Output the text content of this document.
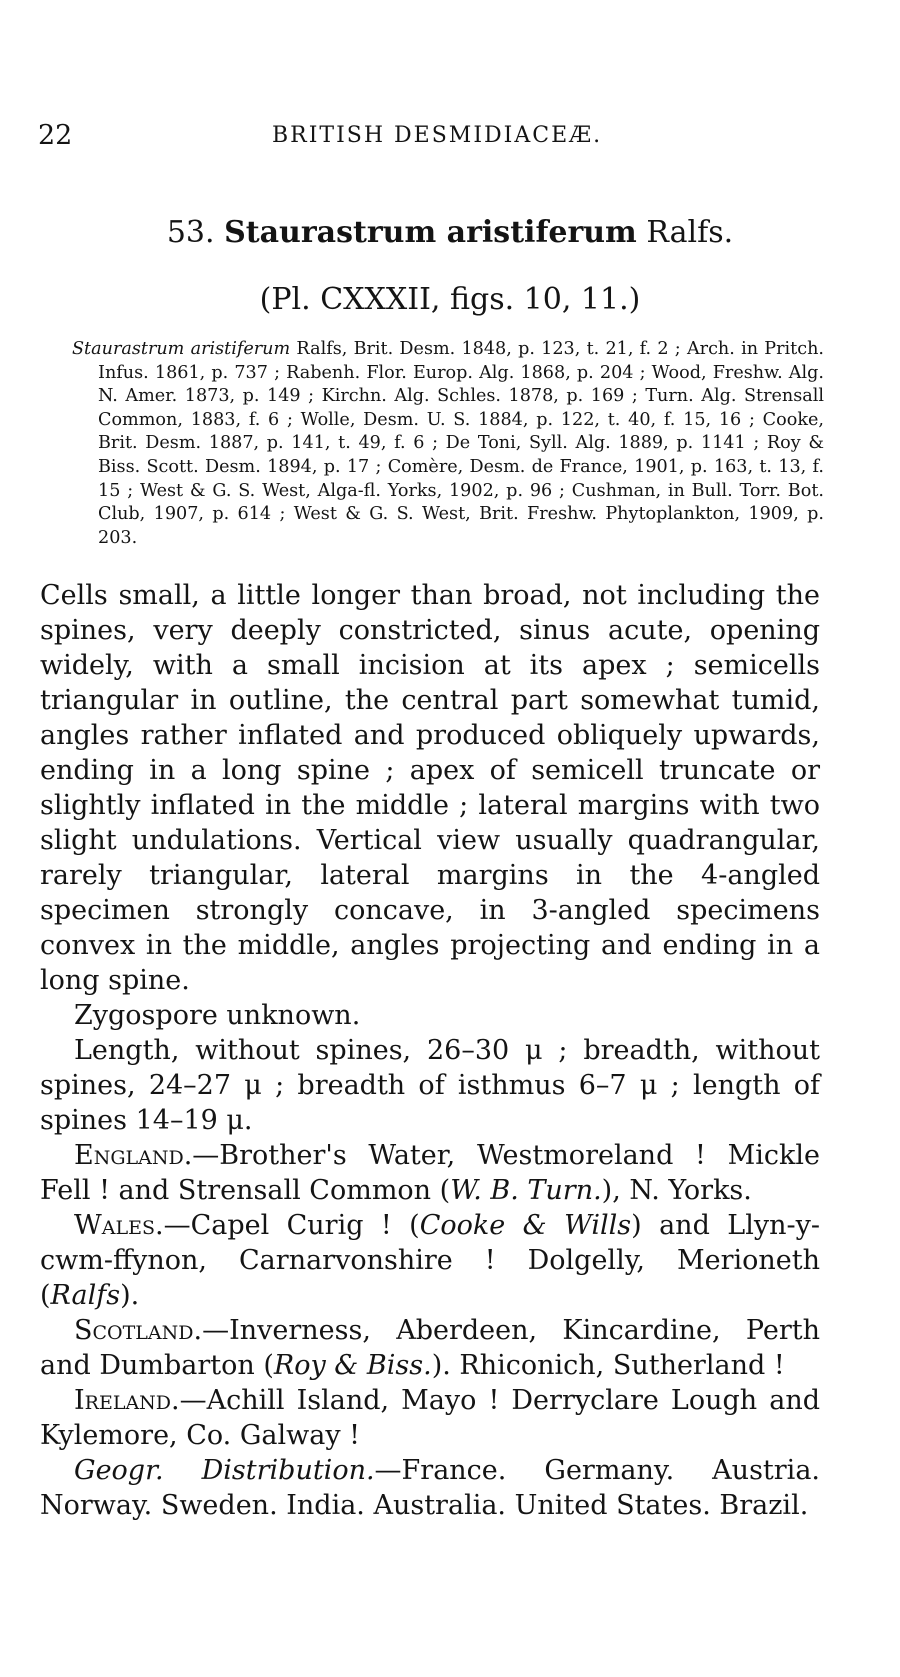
22	BRITISH DESMIDIACEÆ.
53. Staurastrum aristiferum Ralfs.
(Pl. CXXXII, figs. 10, 11.)
Staurastrum aristiferum Ralfs, Brit. Desm. 1848, p. 123, t. 21, f. 2 ; Arch. in Pritch. Infus. 1861, p. 737 ; Rabenh. Flor. Europ. Alg. 1868, p. 204 ; Wood, Freshw. Alg. N. Amer. 1873, p. 149 ; Kirchn. Alg. Schles. 1878, p. 169 ; Turn. Alg. Strensall Common, 1883, f. 6 ; Wolle, Desm. U. S. 1884, p. 122, t. 40, f. 15, 16 ; Cooke, Brit. Desm. 1887, p. 141, t. 49, f. 6 ; De Toni, Syll. Alg. 1889, p. 1141 ; Roy & Biss. Scott. Desm. 1894, p. 17 ; Comère, Desm. de France, 1901, p. 163, t. 13, f. 15 ; West & G. S. West, Alga-fl. Yorks, 1902, p. 96 ; Cushman, in Bull. Torr. Bot. Club, 1907, p. 614 ; West & G. S. West, Brit. Freshw. Phytoplankton, 1909, p. 203.

Cells small, a little longer than broad, not including the spines, very deeply constricted, sinus acute, opening widely, with a small incision at its apex ; semicells triangular in outline, the central part somewhat tumid, angles rather inflated and produced obliquely upwards, ending in a long spine ; apex of semicell truncate or slightly inflated in the middle ; lateral margins with two slight undulations. Vertical view usually quadrangular, rarely triangular, lateral margins in the 4-angled specimen strongly concave, in 3-angled specimens convex in the middle, angles projecting and ending in a long spine.

Zygospore unknown.

Length, without spines, 26–30 μ ; breadth, without spines, 24–27 μ ; breadth of isthmus 6–7 μ ; length of spines 14–19 μ.

England.—Brother's Water, Westmoreland ! Mickle Fell ! and Strensall Common (W. B. Turn.), N. Yorks.

Wales.—Capel Curig ! (Cooke & Wills) and Llyn-y-cwm-ffynon, Carnarvonshire ! Dolgelly, Merioneth (Ralfs).

Scotland.—Inverness, Aberdeen, Kincardine, Perth and Dumbarton (Roy & Biss.). Rhiconich, Sutherland !

Ireland.—Achill Island, Mayo ! Derryclare Lough and Kylemore, Co. Galway !

Geogr. Distribution.—France. Germany. Austria. Norway. Sweden. India. Australia. United States. Brazil.
